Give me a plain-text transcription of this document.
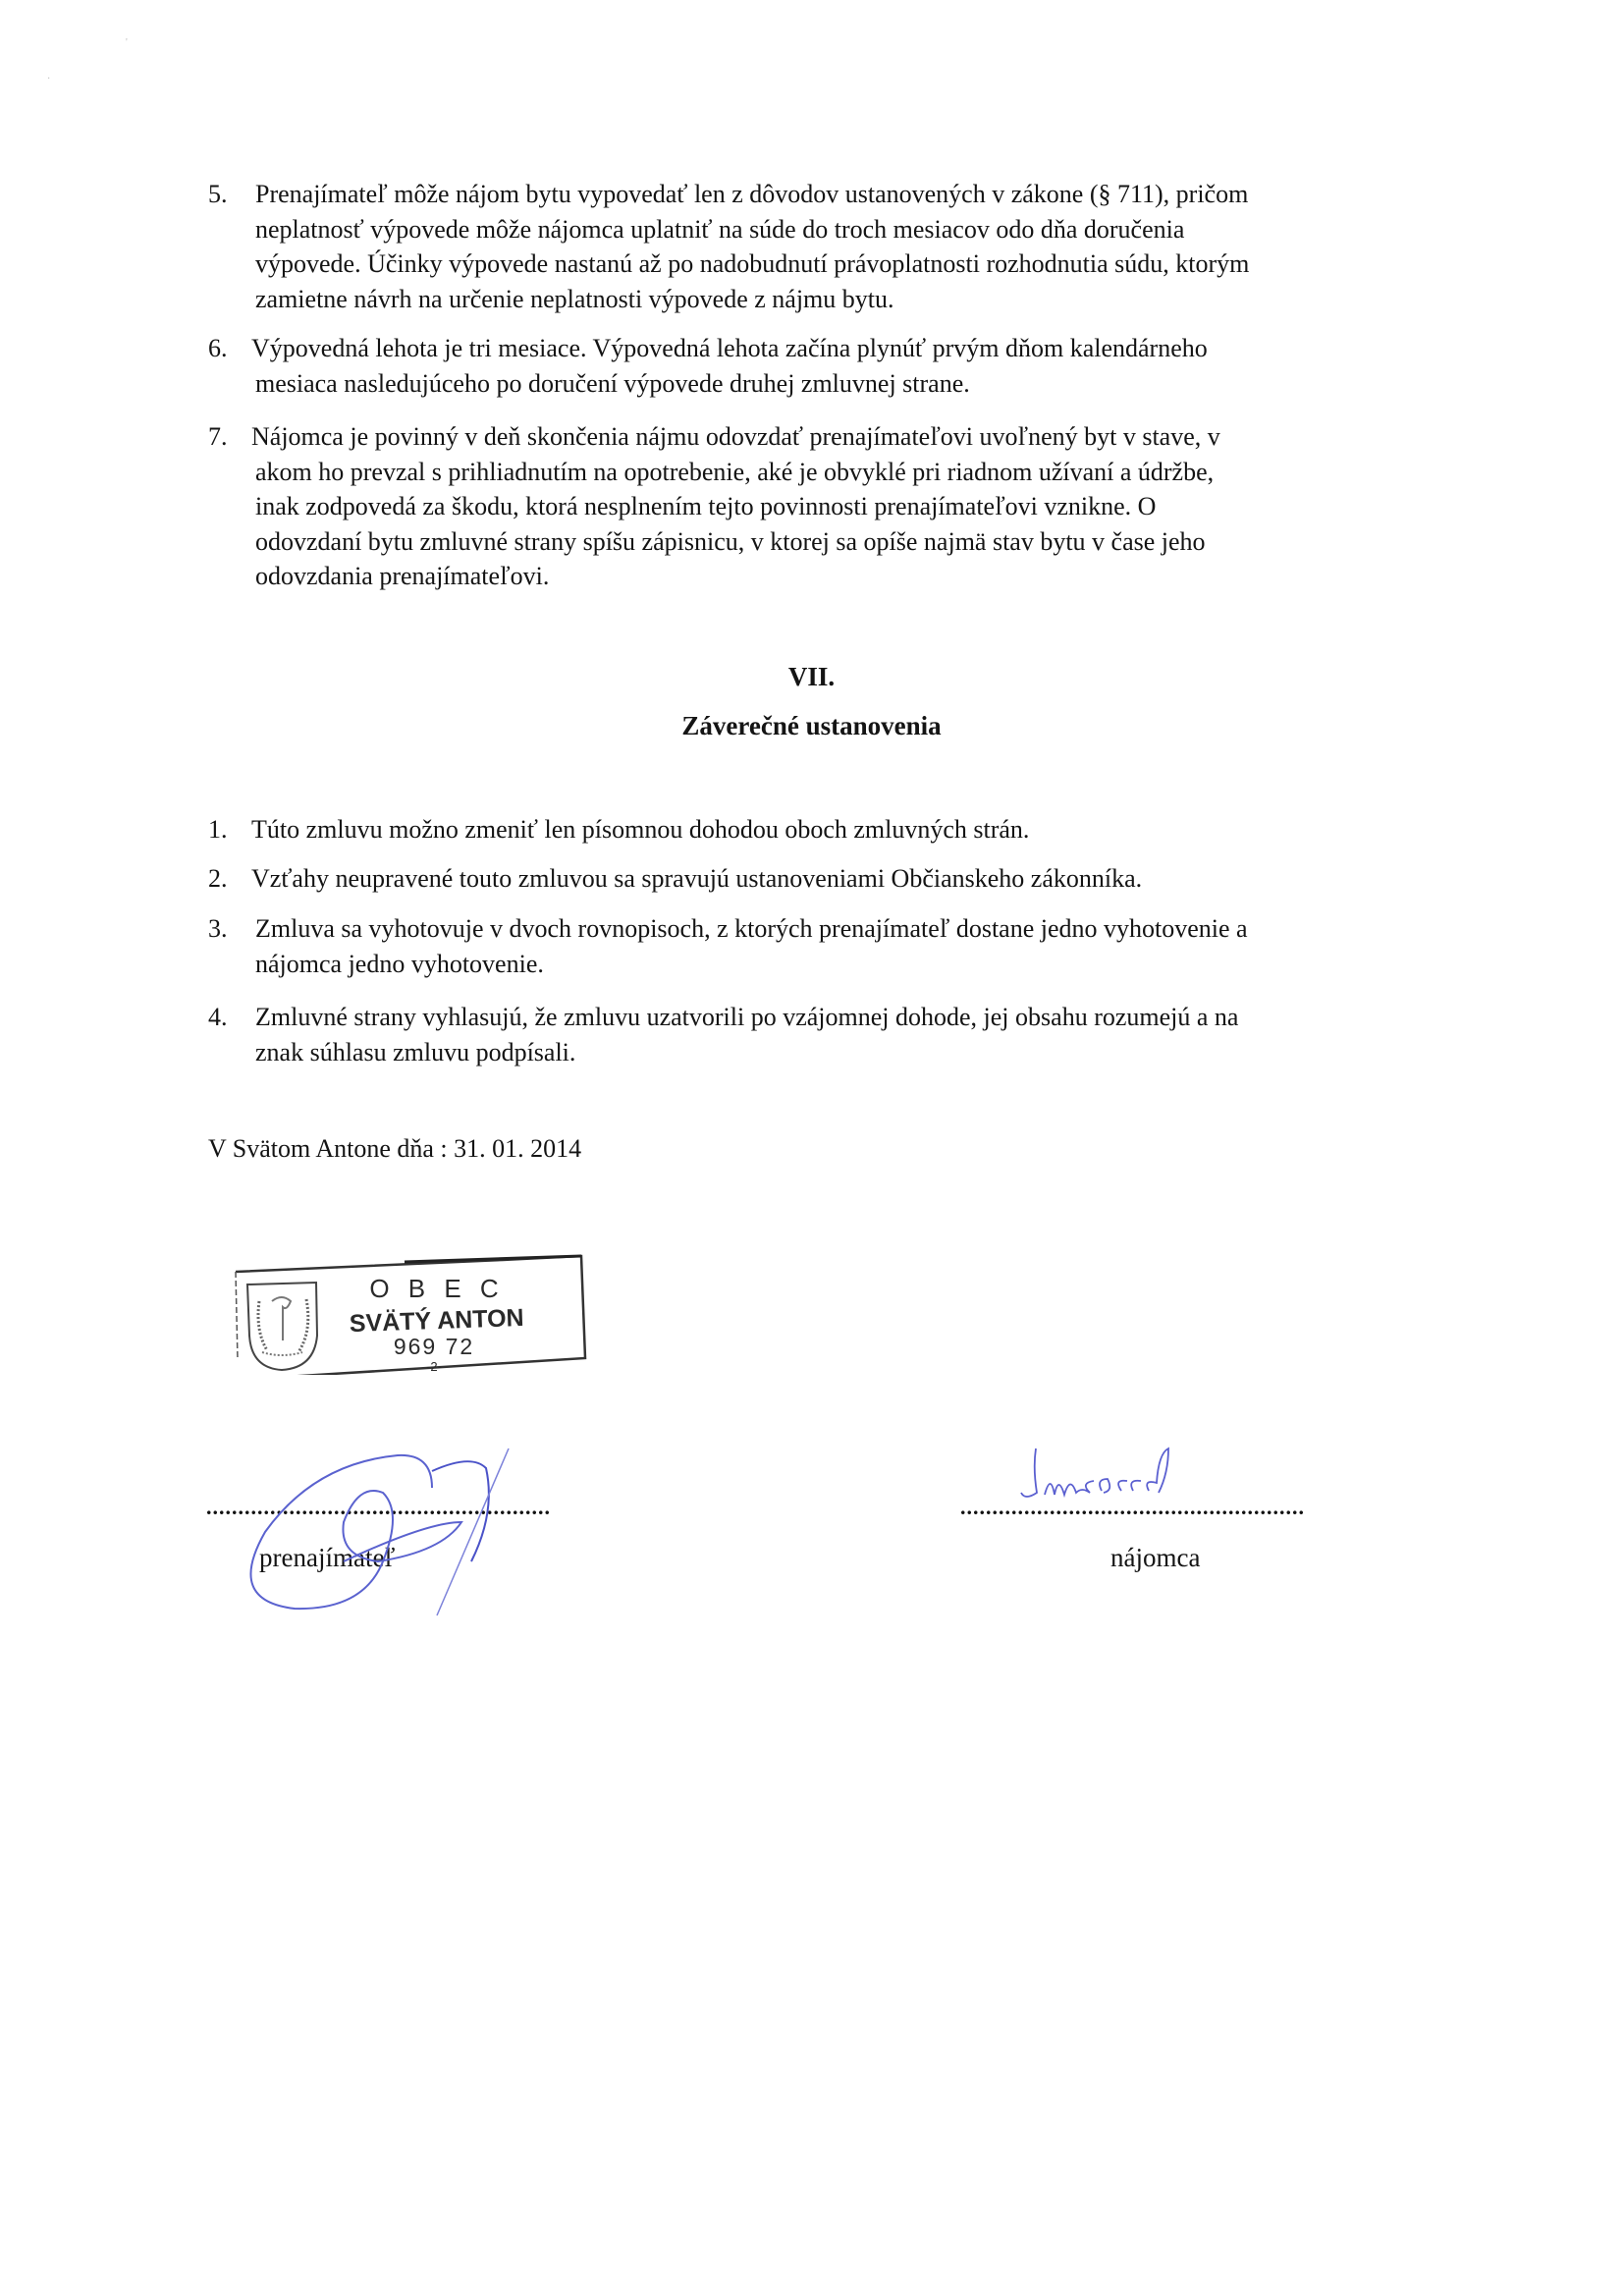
'
·
5. Prenajímateľ môže nájom bytu vypovedať len z dôvodov ustanovených v zákone (§ 711), pričom
neplatnosť výpovede môže nájomca uplatniť na súde do troch mesiacov odo dňa doručenia
výpovede. Účinky výpovede nastanú až po nadobudnutí právoplatnosti rozhodnutia súdu, ktorým
zamietne návrh na určenie neplatnosti výpovede z nájmu bytu.
6. Výpovedná lehota je tri mesiace. Výpovedná lehota začína plynúť prvým dňom kalendárneho
mesiaca nasledujúceho po doručení výpovede druhej zmluvnej strane.
7. Nájomca je povinný v deň skončenia nájmu odovzdať prenajímateľovi uvoľnený byt v stave, v
akom ho prevzal s prihliadnutím na opotrebenie, aké je obvyklé pri riadnom užívaní a údržbe,
inak zodpovedá za škodu, ktorá nesplnením tejto povinnosti prenajímateľovi vznikne. O
odovzdaní bytu zmluvné strany spíšu zápisnicu, v ktorej sa opíše najmä stav bytu v čase jeho
odovzdania prenajímateľovi.
VII.
Záverečné ustanovenia
1. Túto zmluvu možno zmeniť len písomnou dohodou oboch zmluvných strán.
2. Vzťahy neupravené touto zmluvou sa spravujú ustanoveniami Občianskeho zákonníka.
3. Zmluva sa vyhotovuje v dvoch rovnopisoch, z ktorých prenajímateľ dostane jedno vyhotovenie a
nájomca jedno vyhotovenie.
4. Zmluvné strany vyhlasujú, že zmluvu uzatvorili po vzájomnej dohode, jej obsahu rozumejú a na
znak súhlasu zmluvu podpísali.
V Svätom Antone dňa : 31. 01. 2014
O B E C
SVÄTÝ ANTON
969 72
-2-
......................................................
prenajímateľ
......................................................
nájomca
